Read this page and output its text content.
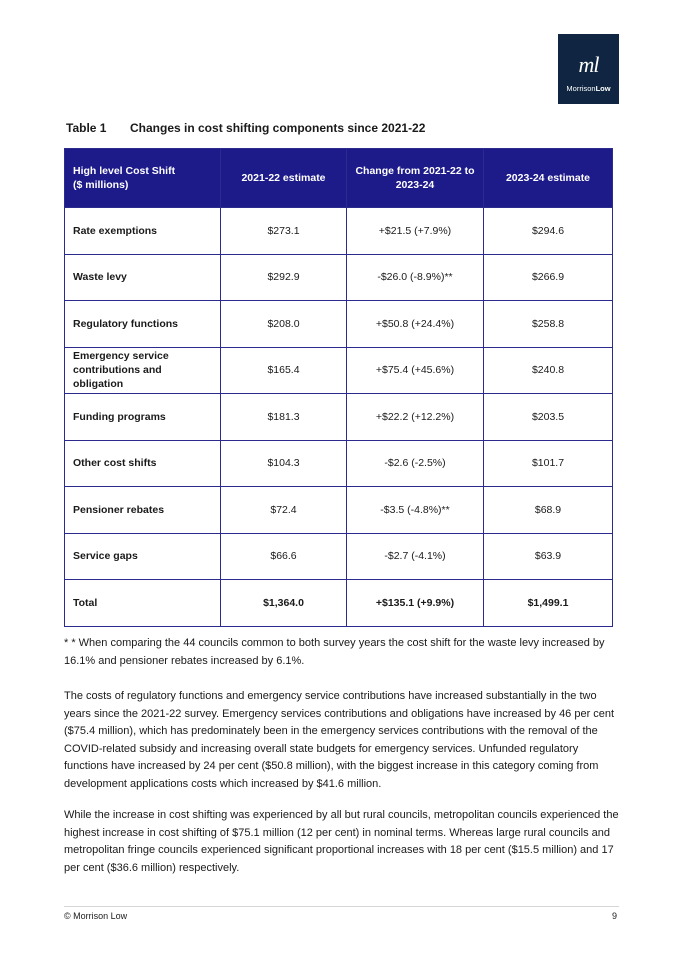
ml
MorrisonLow
Table 1 Changes in cost shifting components since 2021-22
High level Cost Shift
($ millions)	2021-22 estimate	Change from 2021-22 to 2023-24	2023-24 estimate
Rate exemptions	$273.1	+$21.5 (+7.9%)	$294.6
Waste levy	$292.9	-$26.0 (-8.9%)**	$266.9
Regulatory functions	$208.0	+$50.8 (+24.4%)	$258.8
Emergency service contributions and obligation	$165.4	+$75.4 (+45.6%)	$240.8
Funding programs	$181.3	+$22.2 (+12.2%)	$203.5
Other cost shifts	$104.3	-$2.6 (-2.5%)	$101.7
Pensioner rebates	$72.4	-$3.5 (-4.8%)**	$68.9
Service gaps	$66.6	-$2.7 (-4.1%)	$63.9
Total	$1,364.0	+$135.1 (+9.9%)	$1,499.1
* * When comparing the 44 councils common to both survey years the cost shift for the waste levy increased by 16.1% and pensioner rebates increased by 6.1%.
The costs of regulatory functions and emergency service contributions have increased substantially in the two years since the 2021-22 survey. Emergency services contributions and obligations have increased by 46 per cent ($75.4 million), which has predominately been in the emergency services contributions with the removal of the COVID-related subsidy and increasing overall state budgets for emergency services. Unfunded regulatory functions have increased by 24 per cent ($50.8 million), with the biggest increase in this category coming from development applications costs which increased by $41.6 million.
While the increase in cost shifting was experienced by all but rural councils, metropolitan councils experienced the highest increase in cost shifting of $75.1 million (12 per cent) in nominal terms. Whereas large rural councils and metropolitan fringe councils experienced significant proportional increases with 18 per cent ($15.5 million) and 17 per cent ($36.6 million) respectively.
© Morrison Low	9
